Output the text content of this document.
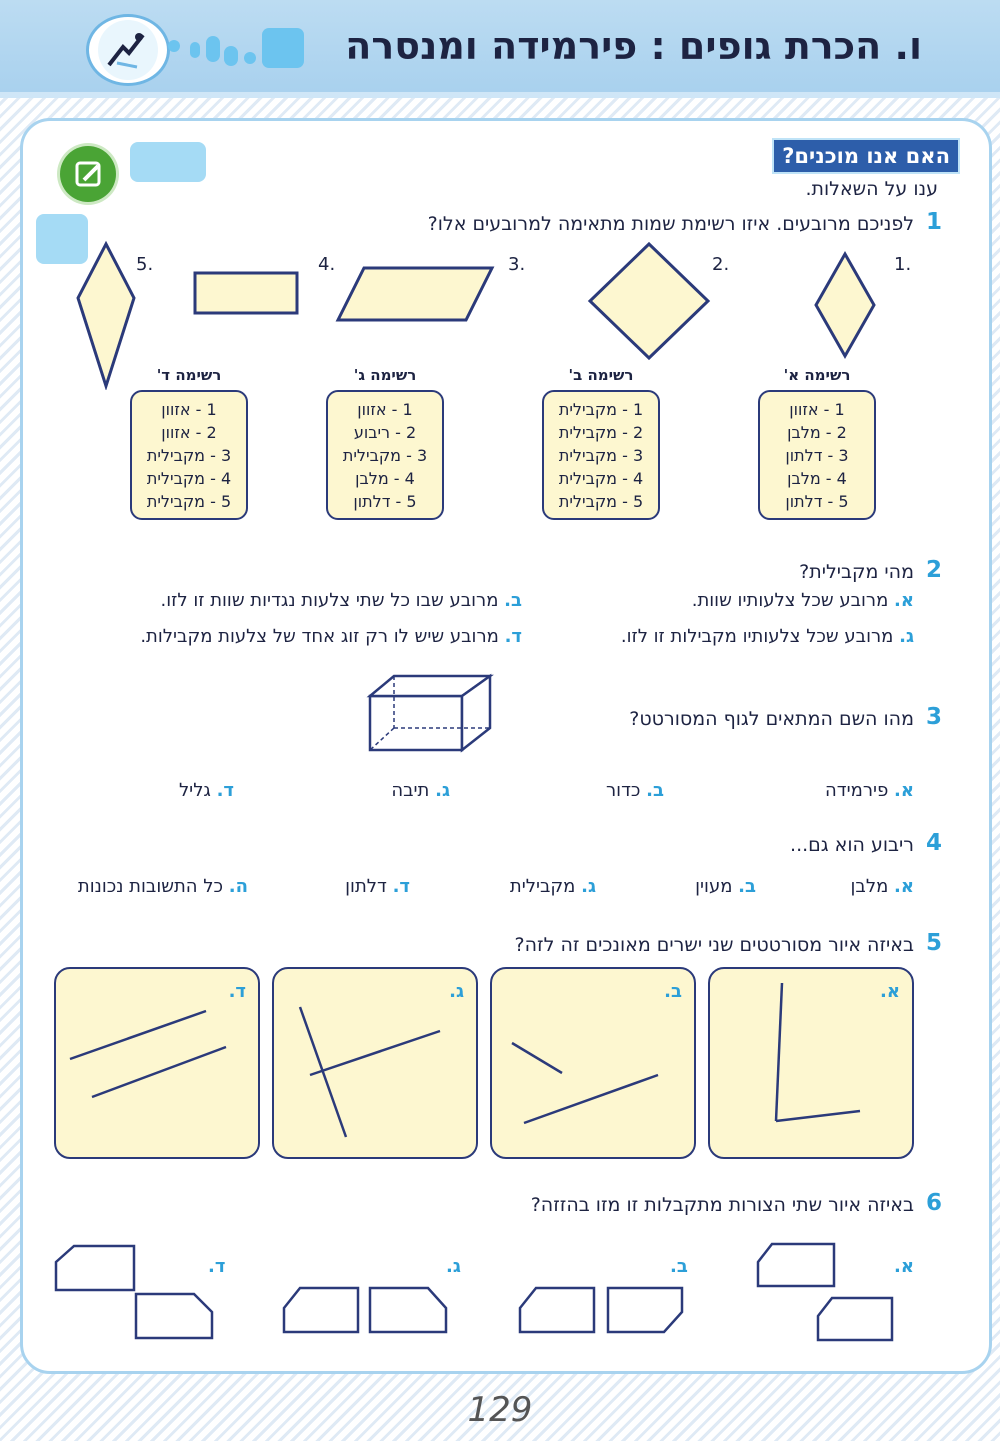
ו. הכרת גופים : פירמידה ומנסרה
האם אנו מוכנים?
ענו על השאלות.
1
לפניכם מרובעים. איזו רשימת שמות מתאימה למרובעים אלו?
.1
.2
.3
.4
.5
רשימה א'
1 - אזוון
2 - מלבן
3 - דלתון
4 - מלבן
5 - דלתון
רשימה ב'
1 - מקבילית
2 - מקבילית
3 - מקבילית
4 - מקבילית
5 - מקבילית
רשימה ג'
1 - אזוון
2 - ריבוע
3 - מקבילית
4 - מלבן
5 - דלתון
רשימה ד'
1 - אזוון
2 - אזוון
3 - מקבילית
4 - מקבילית
5 - מקבילית
2
מהי מקבילית?
א. מרובע שכל צלעותיו שוות.
ב. מרובע שבו כל שתי צלעות נגדיות שוות זו לזו.
ג. מרובע שכל צלעותיו מקבילות זו לזו.
ד. מרובע שיש לו רק זוג אחד של צלעות מקבילות.
3
מהו השם המתאים לגוף המסורטט?
א. פירמידה
ב. כדור
ג. תיבה
ד. גליל
4
ריבוע הוא גם...
א. מלבן
ב. מעוין
ג. מקבילית
ד. דלתון
ה. כל התשובות נכונות
5
באיזה איור מסורטטים שני ישרים מאונכים זה לזה?
א.
ב.
ג.
ד.
6
באיזה איור שתי הצורות מתקבלות זו מזו בהזזה?
א.
ב.
ג.
ד.
129
